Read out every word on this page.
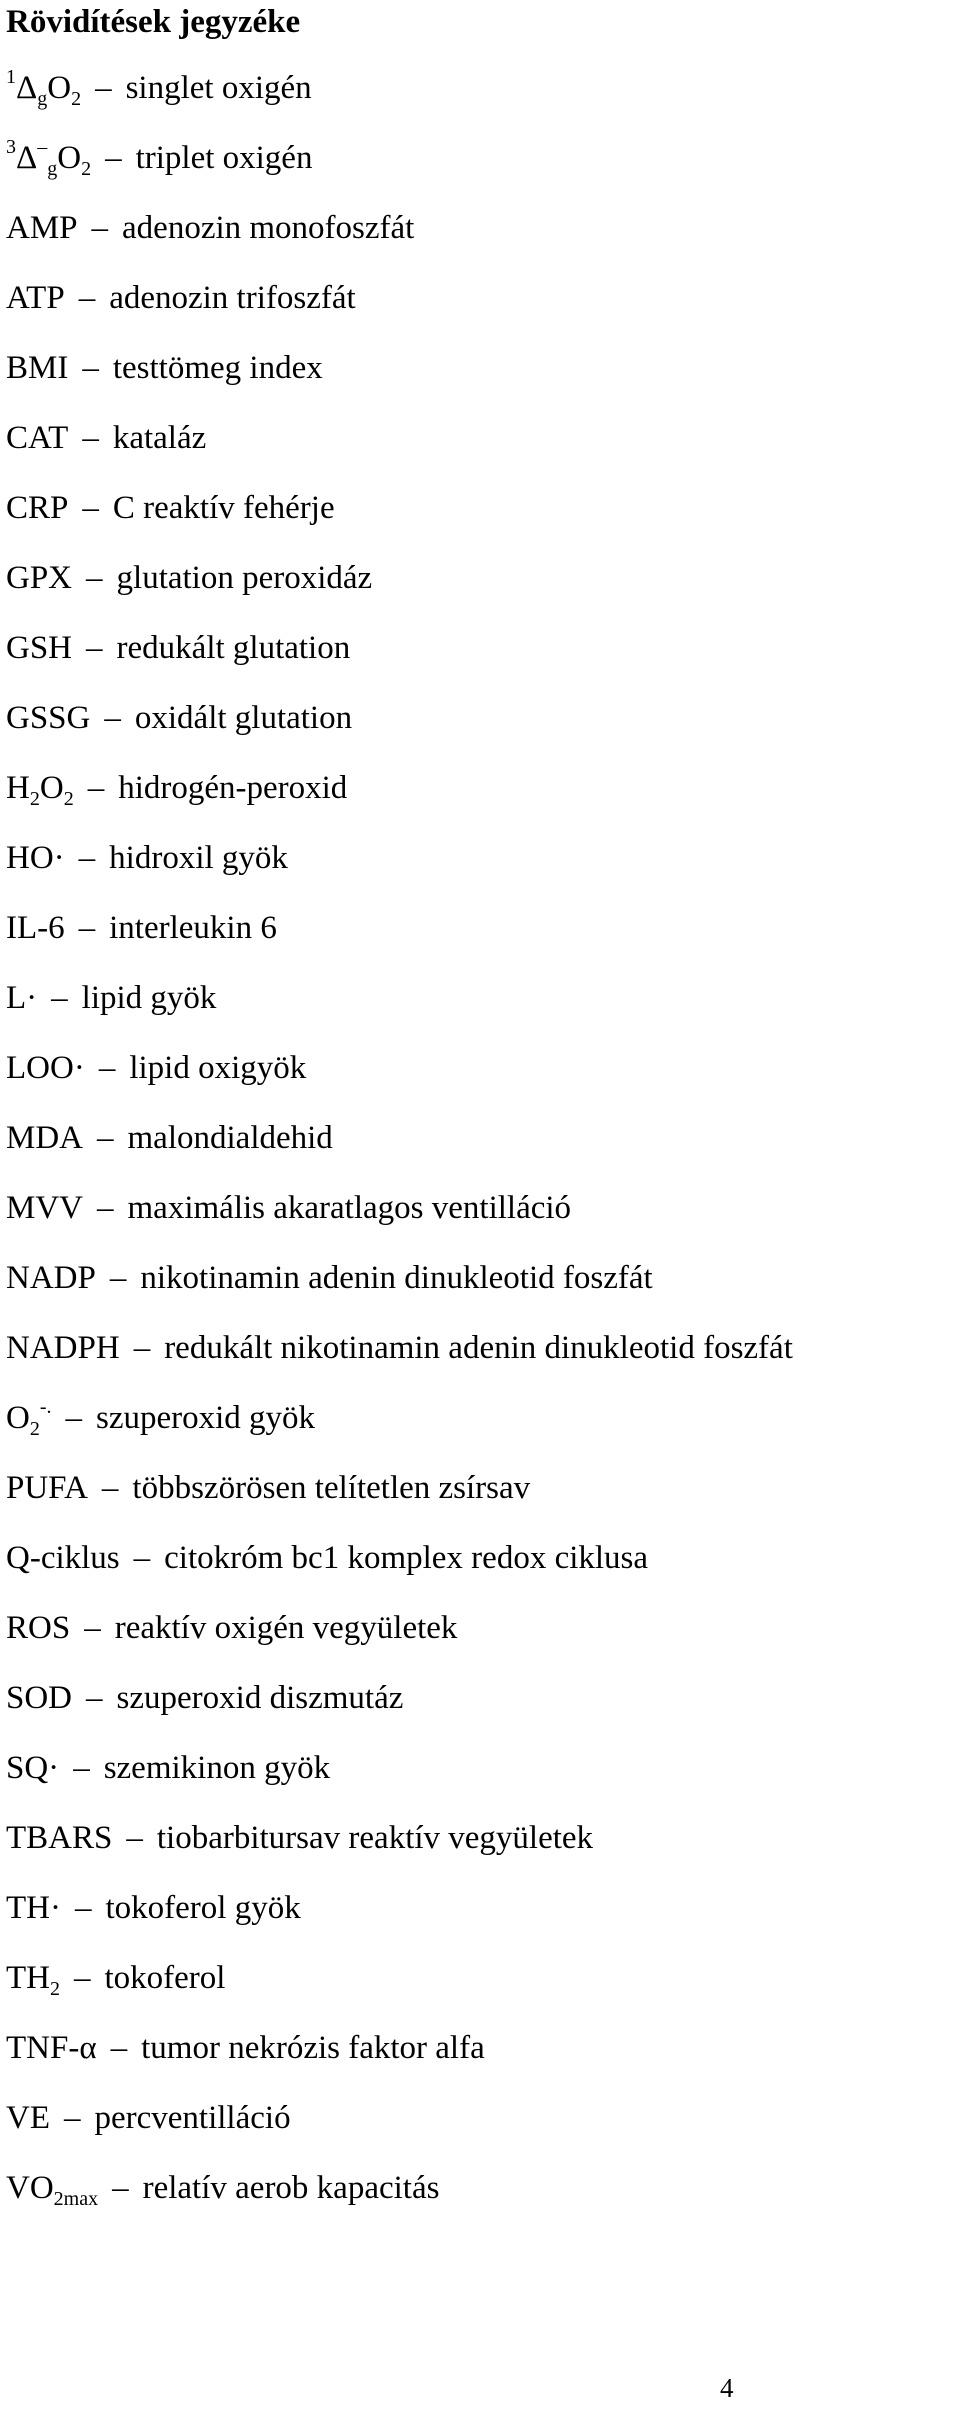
Rövidítések jegyzéke
$^1\Delta_gO_2$ – singlet oxigén
$^3\Delta^-_gO_2$ – triplet oxigén
AMP – adenozin monofoszfát
ATP – adenozin trifoszfát
BMI – testtömeg index
CAT – kataláz
CRP – C reaktív fehérje
GPX – glutation peroxidáz
GSH – redukált glutation
GSSG – oxidált glutation
$H_2O_2$ – hidrogén-peroxid
HO· – hidroxil gyök
IL-6 – interleukin 6
L· – lipid gyök
LOO· – lipid oxigyök
MDA – malondialdehid
MVV – maximális akaratlagos ventilláció
NADP – nikotinamin adenin dinukleotid foszfát
NADPH – redukált nikotinamin adenin dinukleotid foszfát
$O_2^{-.}$ – szuperoxid gyök
PUFA – többszörösen telítetlen zsírsav
Q-ciklus – citokróm bc1 komplex redox ciklusa
ROS – reaktív oxigén vegyületek
SOD – szuperoxid diszmutáz
SQ· – szemikinon gyök
TBARS – tiobarbitursav reaktív vegyületek
TH· – tokoferol gyök
$TH_2$ – tokoferol
TNF-α – tumor nekrózis faktor alfa
VE – percventilláció
$VO_{2max}$ – relatív aerob kapacitás
4
